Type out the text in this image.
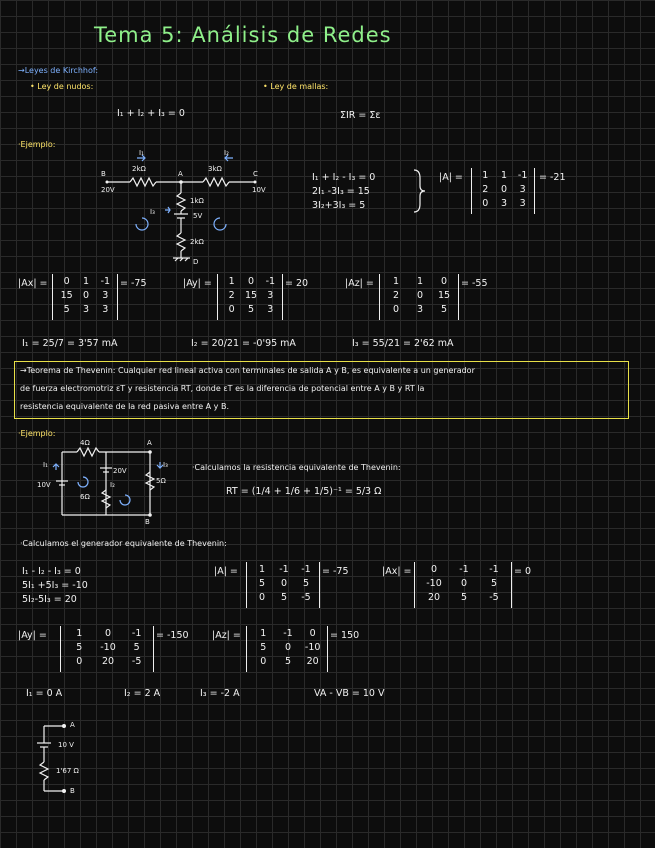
Tema 5: Análisis de Redes
→Leyes de Kirchhof:
• Ley de nudos:	• Ley de mallas:
I₁ + I₂ + I₃ = 0	ΣIR = Σε
·Ejemplo:
I₁	I₂
2kΩ	3kΩ
B	A	C
20V	10V
1kΩ
I₃	5V
2kΩ
D
I₁ + I₂ - I₃ = 0
2I₁ -3I₃ = 15
3I₂+3I₃ = 5
|A| =	1	1	-1
2	0	3
0	3	3
= -21
|Ax| =	0	1	-1
15	0	3
5	3	3
= -75	|Ay| =	1	0	-1
2	15	3
0	5	3
= 20	|Az| =	1	1	0
2	0	15
0	3	5
= -55
I₁ = 25/7 = 3'57 mA	I₂ = 20/21 = -0'95 mA	I₃ = 55/21 = 2'62 mA
→Teorema de Thevenin: Cualquier red lineal activa con terminales de salida A y B, es equivalente a un generador
de fuerza electromotriz εT y resistencia RT, donde εT es la diferencia de potencial entre A y B y RT la
resistencia equivalente de la red pasiva entre A y B.
·Ejemplo:
4Ω	A
I₁
20V
I₃
10V	I₂	5Ω
6Ω
B
·Calculamos la resistencia equivalente de Thevenin:
RT = (1/4 + 1/6 + 1/5)⁻¹ = 5/3 Ω
·Calculamos el generador equivalente de Thevenin:
I₁ - I₂ - I₃ = 0
5I₁ +5I₃ = -10
5I₂-5I₃ = 20
|A| =	1	-1	-1
5	0	5
0	5	-5
= -75	|Ax| =	0	-1	-1
-10	0	5
20	5	-5
= 0
|Ay| =	1	0	-1
5	-10	5
0	20	-5
= -150 |Az| =	1	-1	0
5	0	-10
0	5	20
= 150
I₁ = 0 A	I₂ = 2 A	I₃ = -2 A	VA - VB = 10 V
A
10 V
1'67 Ω
B
